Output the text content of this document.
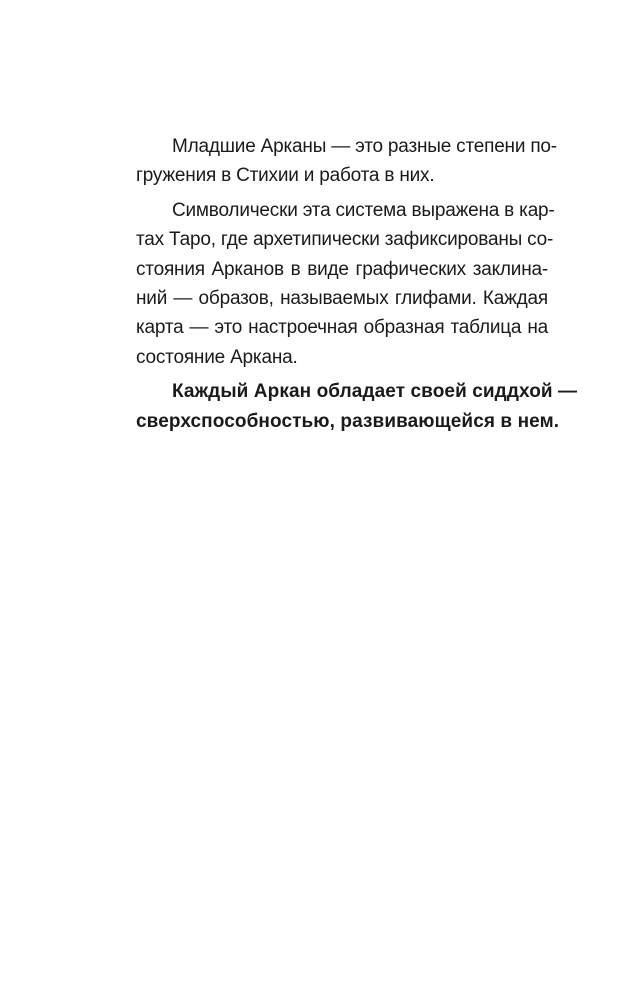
Младшие Арканы — это разные степени по-
гружения в Стихии и работа в них.

Символически эта система выражена в кар-
тах Таро, где архетипически зафиксированы со-
стояния Арканов в виде графических заклина-
ний — образов, называемых глифами. Каждая
карта — это настроечная образная таблица на
состояние Аркана.

Каждый Аркан обладает своей сиддхой —
сверхспособностью, развивающейся в нем.
